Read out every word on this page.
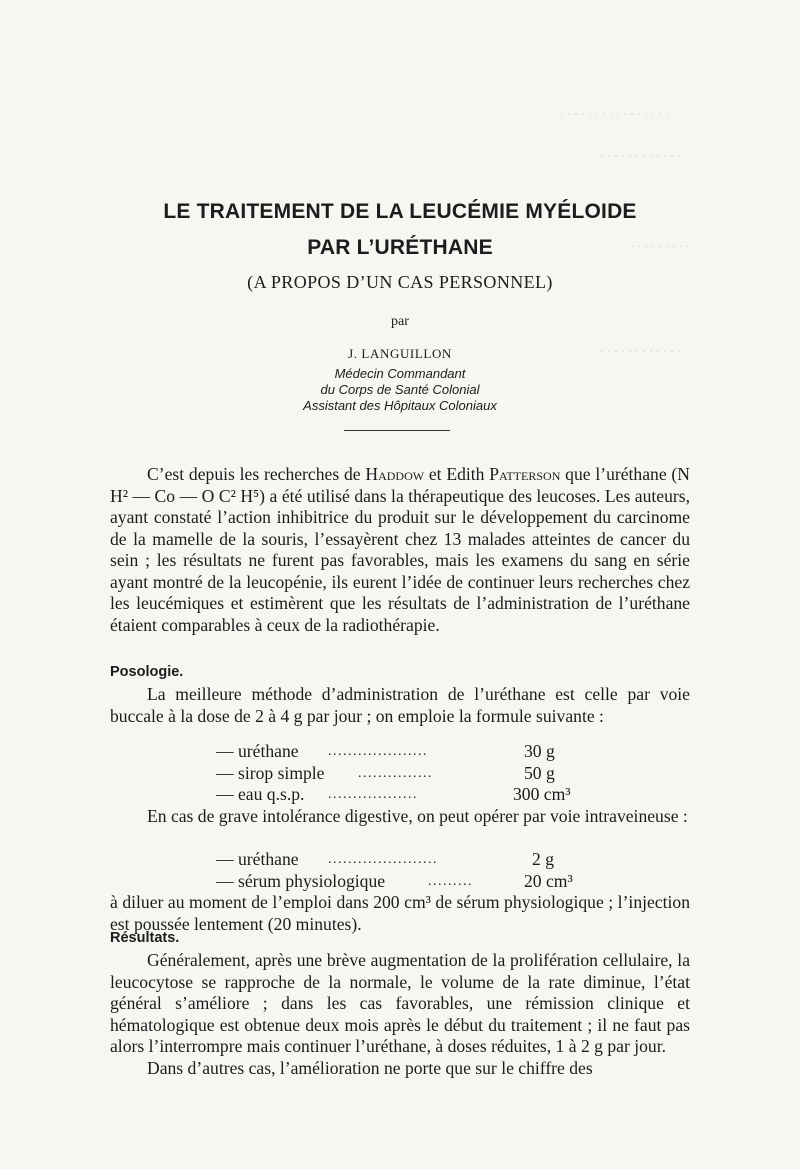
· · · · · · · · · · · · · · · ·
· · · · · · · · · · · ·
· · · · · · · · ·
· · · · · · · · · · · ·
LE TRAITEMENT DE LA LEUCÉMIE MYÉLOIDE
PAR L’URÉTHANE
(A PROPOS D’UN CAS PERSONNEL)
par
J. LANGUILLON
Médecin Commandant
du Corps de Santé Colonial
Assistant des Hôpitaux Coloniaux

C’est depuis les recherches de Haddow et Edith Patterson que l’uréthane (N H² — Co — O C² H⁵) a été utilisé dans la thérapeutique des leucoses. Les auteurs, ayant constaté l’action inhibitrice du produit sur le développement du carcinome de la mamelle de la souris, l’essayèrent chez 13 malades atteintes de cancer du sein ; les résultats ne furent pas favorables, mais les examens du sang en série ayant montré de la leucopénie, ils eurent l’idée de continuer leurs recherches chez les leucémiques et estimèrent que les résultats de l’administration de l’uréthane étaient comparables à ceux de la radiothérapie.

Posologie.

La meilleure méthode d’administration de l’uréthane est celle par voie buccale à la dose de 2 à 4 g par jour ; on emploie la formule suivante :

— uréthane ....................	30 g
— sirop simple ...............	50 g
— eau q.s.p. ..................	300 cm³

En cas de grave intolérance digestive, on peut opérer par voie intraveineuse :

— uréthane ......................	2 g
— sérum physiologique	.........	20 cm³

à diluer au moment de l’emploi dans 200 cm³ de sérum physiologique ; l’injection est poussée lentement (20 minutes).

Résultats.

Généralement, après une brève augmentation de la prolifération cellulaire, la leucocytose se rapproche de la normale, le volume de la rate diminue, l’état général s’améliore ; dans les cas favorables, une rémission clinique et hématologique est obtenue deux mois après le début du traitement ; il ne faut pas alors l’interrompre mais continuer l’uréthane, à doses réduites, 1 à 2 g par jour.

Dans d’autres cas, l’amélioration ne porte que sur le chiffre des
